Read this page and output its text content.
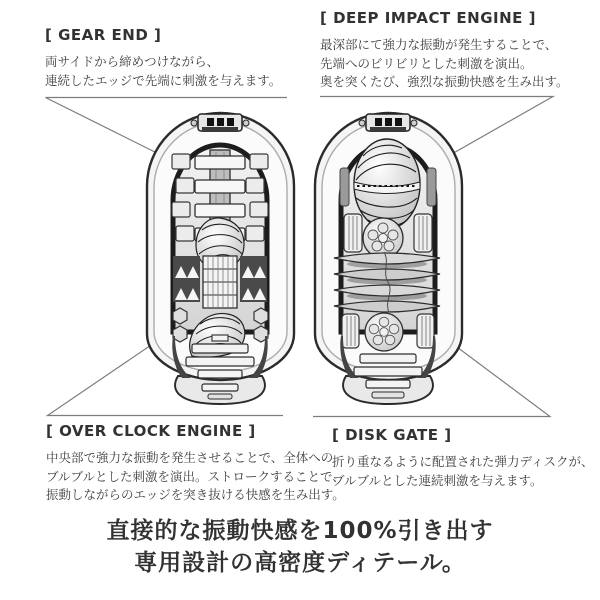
[ GEAR END ]
両サイドから締めつけながら、
連続したエッジで先端に刺激を与えます。
[ DEEP IMPACT ENGINE ]
最深部にて強力な振動が発生することで、
先端へのビリビリとした刺激を演出。
奥を突くたび、強烈な振動快感を生み出す。
[ OVER CLOCK ENGINE ]
中央部で強力な振動を発生させることで、全体への
ブルブルとした刺激を演出。ストロークすることで、
振動しながらのエッジを突き抜ける快感を生み出す。
[ DISK GATE ]
折り重なるように配置された弾力ディスクが、
ブルブルとした連続刺激を与えます。
直接的な振動快感を100%引き出す
専用設計の高密度ディテール。
